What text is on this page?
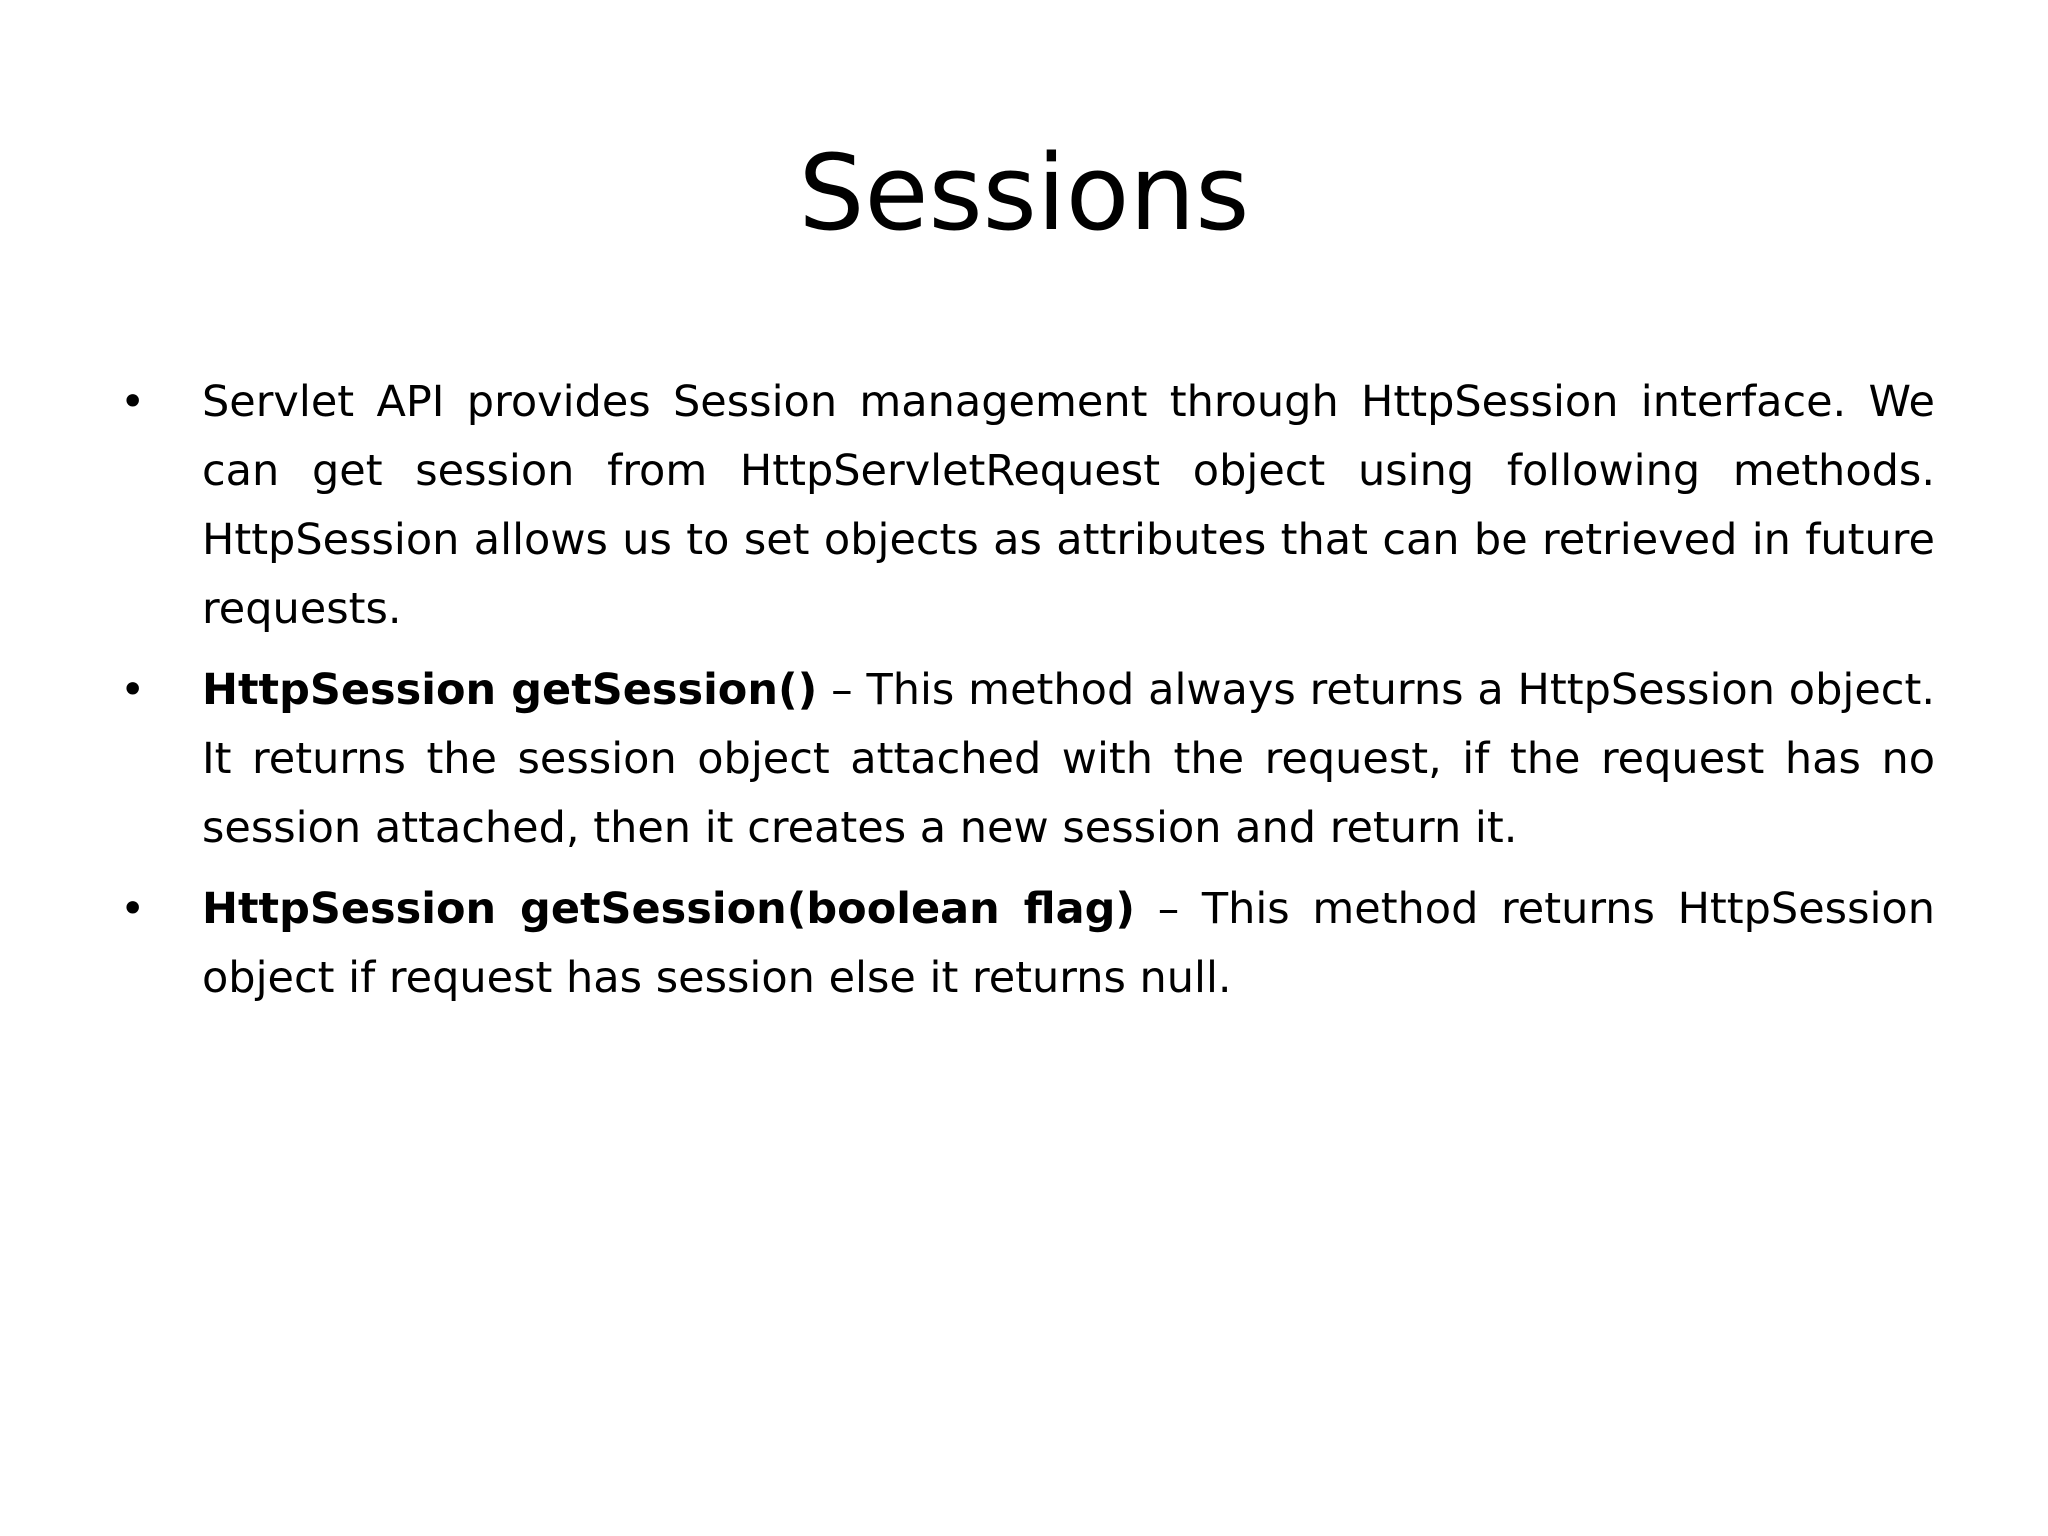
Sessions
•	Servlet API provides Session management through HttpSession interface. We can get session from HttpServletRequest object using following methods. HttpSession allows us to set objects as attributes that can be retrieved in future requests.
•	HttpSession getSession() – This method always returns a HttpSession object. It returns the session object attached with the request, if the request has no session attached, then it creates a new session and return it.
•	HttpSession getSession(boolean flag) – This method returns HttpSession object if request has session else it returns null.
